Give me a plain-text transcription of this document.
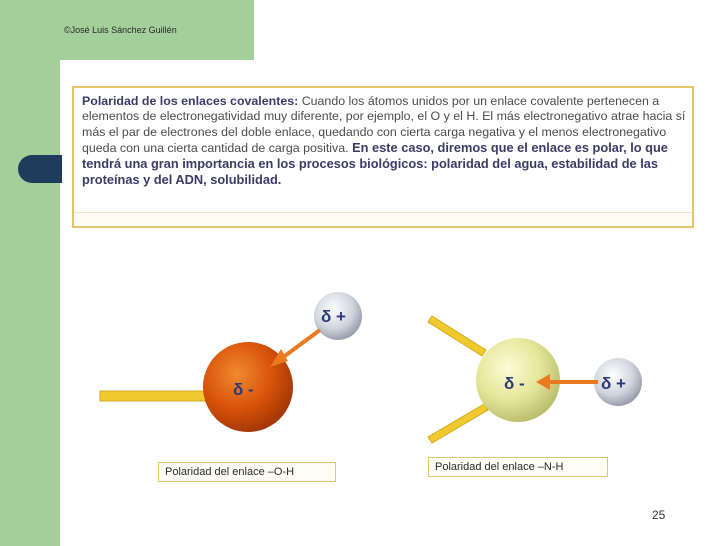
©José Luis Sánchez Guillén

Polaridad de los enlaces covalentes: Cuando los átomos unidos por un enlace covalente pertenecen a elementos de electronegatividad muy diferente, por ejemplo, el O y el H. El más electronegativo atrae hacia sí más el par de electrones del doble enlace, quedando con cierta carga negativa y el menos electronegativo queda con una cierta cantidad de carga positiva. En este caso, diremos que el enlace es polar, lo que tendrá una gran importancia en los procesos biológicos: polaridad del agua, estabilidad de las proteínas y del ADN, solubilidad.

δ -
δ +
δ -	δ +
Polaridad del enlace –O-H	Polaridad del enlace –N-H
25
